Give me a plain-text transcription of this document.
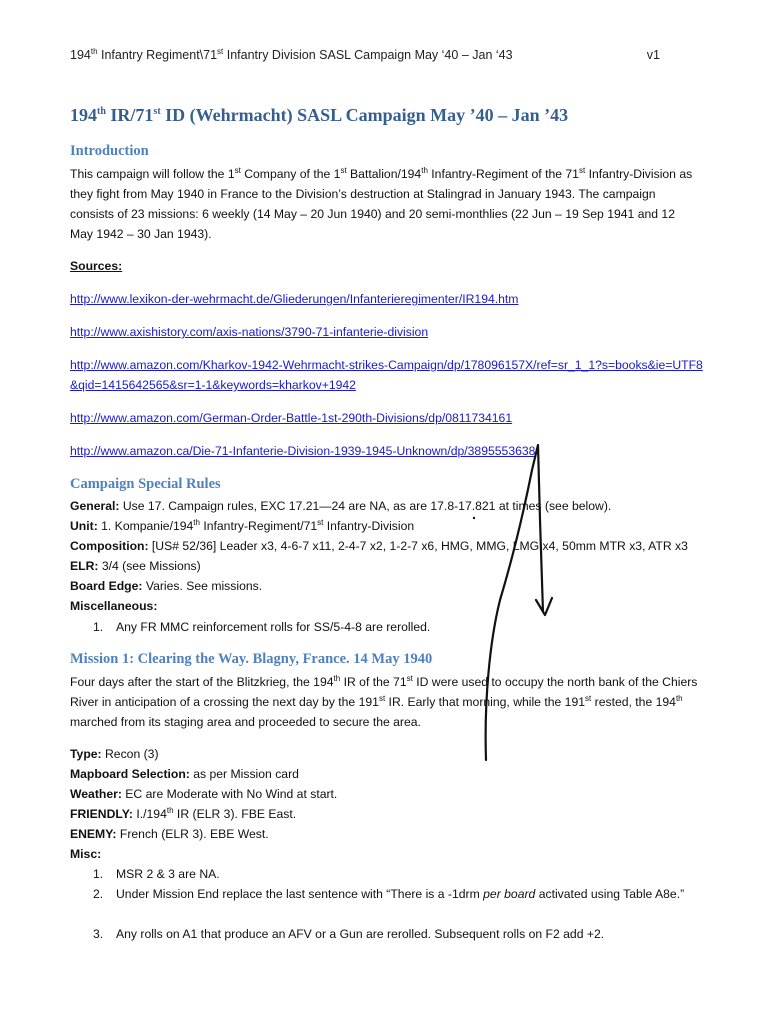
194th Infantry Regiment\71st Infantry Division SASL Campaign May ‘40 – Jan ‘43	v1
194th IR/71st ID (Wehrmacht) SASL Campaign May ’40 – Jan ’43
Introduction
This campaign will follow the 1st Company of the 1st Battalion/194th Infantry-Regiment of the 71st Infantry-Division as they fight from May 1940 in France to the Division’s destruction at Stalingrad in January 1943. The campaign consists of 23 missions: 6 weekly (14 May – 20 Jun 1940) and 20 semi-monthlies (22 Jun – 19 Sep 1941 and 12 May 1942 – 30 Jan 1943).
Sources:
http://www.lexikon-der-wehrmacht.de/Gliederungen/Infanterieregimenter/IR194.htm
http://www.axishistory.com/axis-nations/3790-71-infanterie-division
http://www.amazon.com/Kharkov-1942-Wehrmacht-strikes-Campaign/dp/178096157X/ref=sr_1_1?s=books&ie=UTF8&qid=1415642565&sr=1-1&keywords=kharkov+1942
http://www.amazon.com/German-Order-Battle-1st-290th-Divisions/dp/0811734161
http://www.amazon.ca/Die-71-Infanterie-Division-1939-1945-Unknown/dp/3895553638
Campaign Special Rules
General: Use 17. Campaign rules, EXC 17.21—24 are NA, as are 17.8-17.821 at times (see below).
Unit: 1. Kompanie/194th Infantry-Regiment/71st Infantry-Division
Composition: [US# 52/36] Leader x3, 4-6-7 x11, 2-4-7 x2, 1-2-7 x6, HMG, MMG, LMG x4, 50mm MTR x3, ATR x3
ELR: 3/4 (see Missions)
Board Edge: Varies. See missions.
Miscellaneous:
1. Any FR MMC reinforcement rolls for SS/5-4-8 are rerolled.
Mission 1: Clearing the Way. Blagny, France. 14 May 1940
Four days after the start of the Blitzkrieg, the 194th IR of the 71st ID were used to occupy the north bank of the Chiers River in anticipation of a crossing the next day by the 191st IR. Early that morning, while the 191st rested, the 194th marched from its staging area and proceeded to secure the area.
Type: Recon (3)
Mapboard Selection: as per Mission card
Weather: EC are Moderate with No Wind at start.
FRIENDLY: I./194th IR (ELR 3). FBE East.
ENEMY: French (ELR 3). EBE West.
Misc:
1. MSR 2 & 3 are NA.
2. Under Mission End replace the last sentence with “There is a -1drm per board activated using Table A8e.”
3. Any rolls on A1 that produce an AFV or a Gun are rerolled. Subsequent rolls on F2 add +2.
